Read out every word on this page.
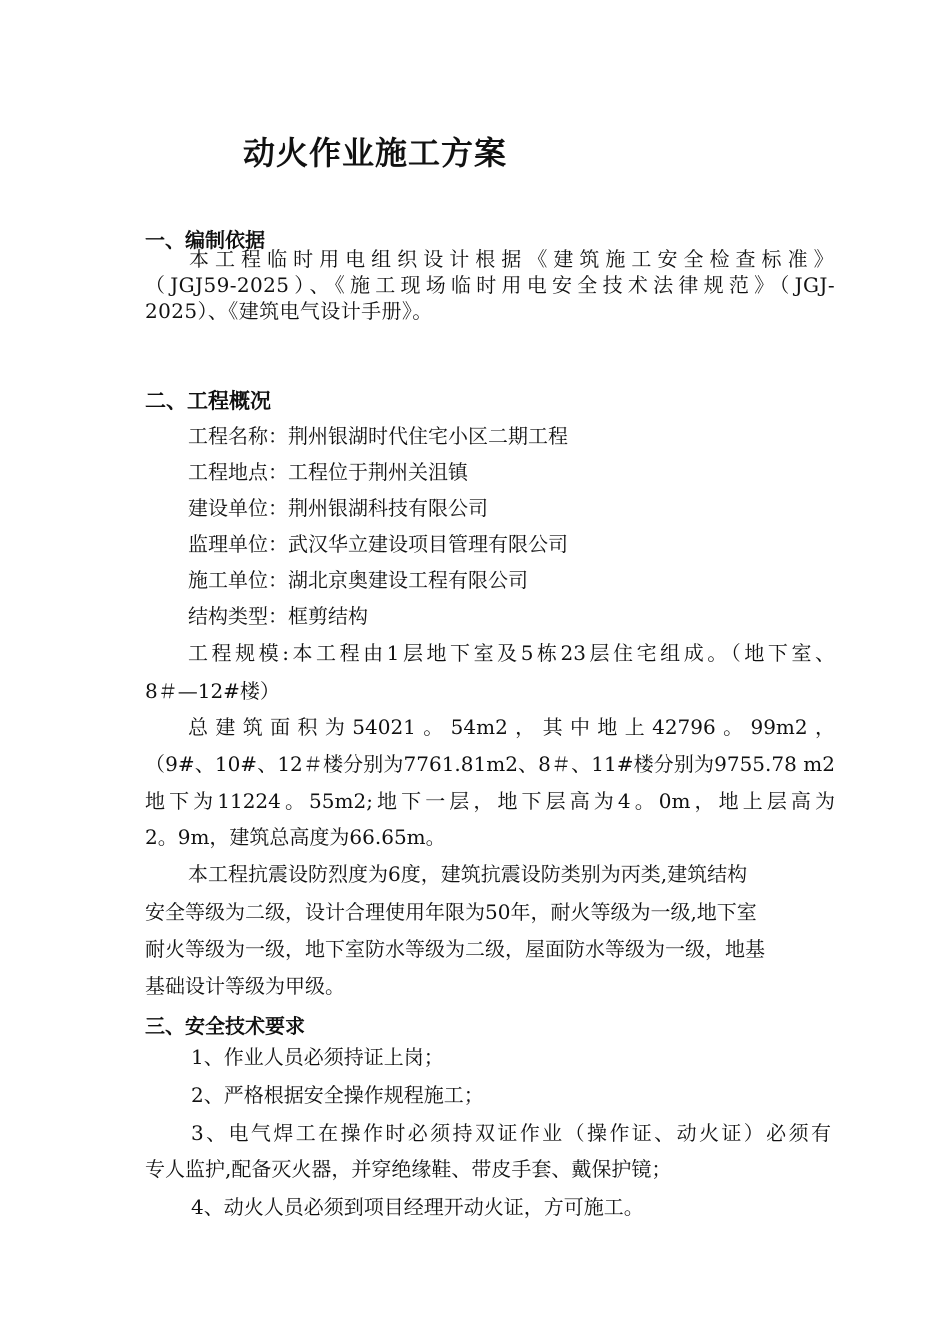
动火作业施工方案
一、编制依据
本工程临时用电组织设计根据《建筑施工安全检查标准》
（JGJ59-2025）、《施工现场临时用电安全技术法律规范》（JGJ-
2025）、《建筑电气设计手册》。
二、工程概况

工程名称：荆州银湖时代住宅小区二期工程

工程地点：工程位于荆州关沮镇

建设单位：荆州银湖科技有限公司

监理单位：武汉华立建设项目管理有限公司

施工单位：湖北京奥建设工程有限公司

结构类型：框剪结构

工程规模:本工程由1层地下室及5栋23层住宅组成。（地下室、

8＃—12#楼）

总建筑面积为54021。54m2，其中地上42796。99m2，

（9#、10#、12＃楼分别为7761.81m2、8＃、11#楼分别为9755.78 m2

地下为11224。55m2;地下一层，地下层高为4。0m，地上层高为

2。9m，建筑总高度为66.65m。

本工程抗震设防烈度为6度，建筑抗震设防类别为丙类,建筑结构

安全等级为二级，设计合理使用年限为50年，耐火等级为一级,地下室

耐火等级为一级，地下室防水等级为二级，屋面防水等级为一级，地基

基础设计等级为甲级。

三、安全技术要求

1、作业人员必须持证上岗；

2、严格根据安全操作规程施工；

3、电气焊工在操作时必须持双证作业（操作证、动火证）必须有

专人监护,配备灭火器，并穿绝缘鞋、带皮手套、戴保护镜；

4、动火人员必须到项目经理开动火证，方可施工。
